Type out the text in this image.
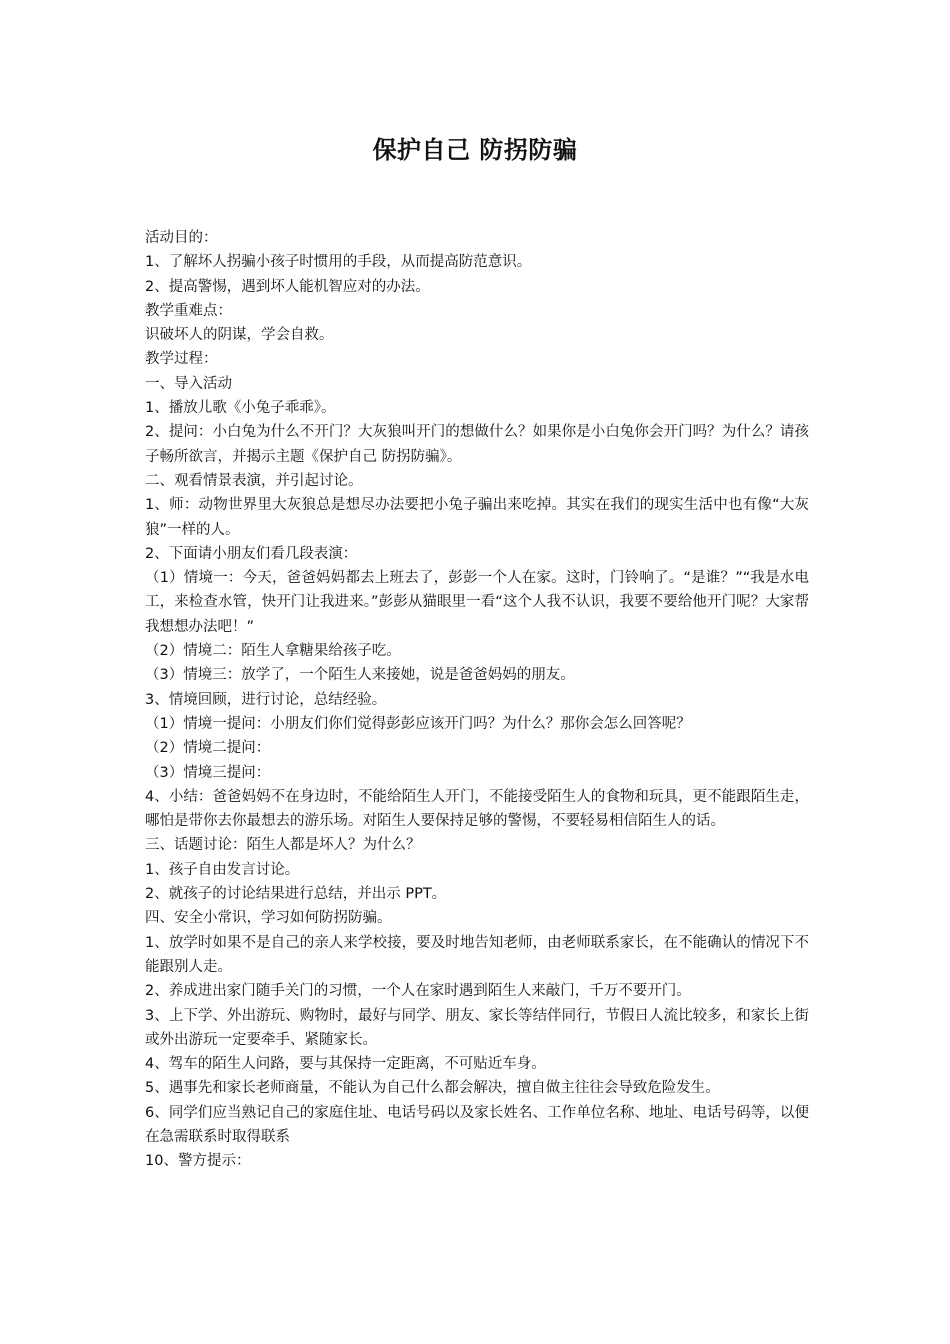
保护自己 防拐防骗

活动目的：

1、了解坏人拐骗小孩子时惯用的手段，从而提高防范意识。

2、提高警惕，遇到坏人能机智应对的办法。

教学重难点：

识破坏人的阴谋，学会自救。

教学过程：

一、导入活动

1、播放儿歌《小兔子乖乖》。

2、提问：小白兔为什么不开门？大灰狼叫开门的想做什么？如果你是小白兔你会开门吗？为什么？请孩子畅所欲言，并揭示主题《保护自己 防拐防骗》。

二、观看情景表演，并引起讨论。

1、师：动物世界里大灰狼总是想尽办法要把小兔子骗出来吃掉。其实在我们的现实生活中也有像“大灰狼”一样的人。

2、下面请小朋友们看几段表演：

（1）情境一：今天，爸爸妈妈都去上班去了，彭彭一个人在家。这时，门铃响了。“是谁？”“我是水电工，来检查水管，快开门让我进来。”彭彭从猫眼里一看“这个人我不认识，我要不要给他开门呢？大家帮我想想办法吧！”

（2）情境二：陌生人拿糖果给孩子吃。

（3）情境三：放学了，一个陌生人来接她，说是爸爸妈妈的朋友。

3、情境回顾，进行讨论，总结经验。

（1）情境一提问：小朋友们你们觉得彭彭应该开门吗？为什么？那你会怎么回答呢？

（2）情境二提问：

（3）情境三提问：

4、小结：爸爸妈妈不在身边时，不能给陌生人开门，不能接受陌生人的食物和玩具，更不能跟陌生走，哪怕是带你去你最想去的游乐场。对陌生人要保持足够的警惕，不要轻易相信陌生人的话。

三、话题讨论：陌生人都是坏人？为什么？

1、孩子自由发言讨论。

2、就孩子的讨论结果进行总结，并出示 PPT。

四、安全小常识，学习如何防拐防骗。

1、放学时如果不是自己的亲人来学校接，要及时地告知老师，由老师联系家长，在不能确认的情况下不能跟别人走。

2、养成进出家门随手关门的习惯，一个人在家时遇到陌生人来敲门，千万不要开门。

3、上下学、外出游玩、购物时，最好与同学、朋友、家长等结伴同行，节假日人流比较多，和家长上街或外出游玩一定要牵手、紧随家长。

4、驾车的陌生人问路，要与其保持一定距离，不可贴近车身。

5、遇事先和家长老师商量，不能认为自己什么都会解决，擅自做主往往会导致危险发生。

6、同学们应当熟记自己的家庭住址、电话号码以及家长姓名、工作单位名称、地址、电话号码等，以便在急需联系时取得联系

10、警方提示：
